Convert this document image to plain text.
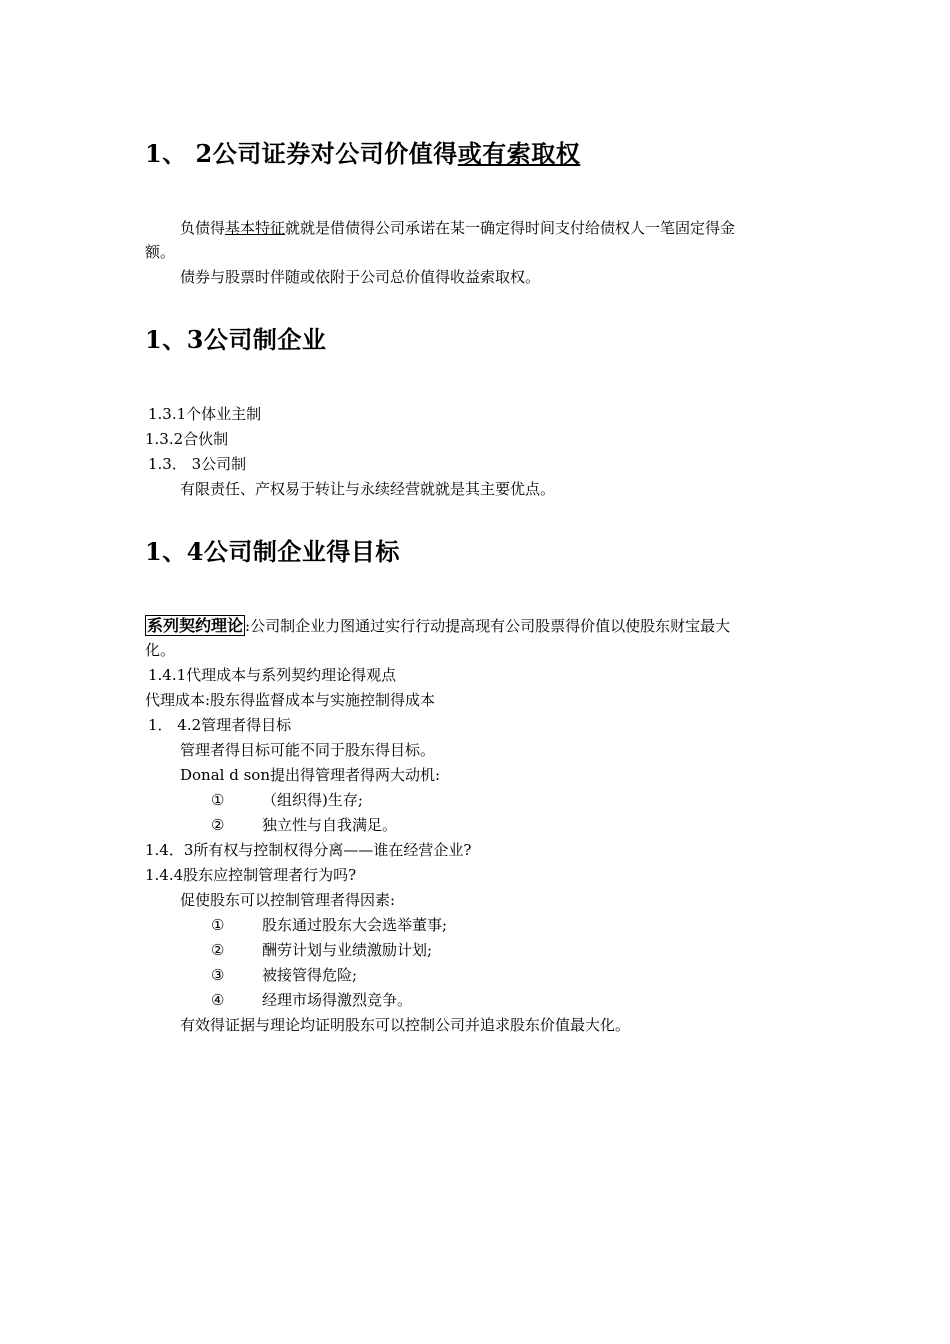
1、 2公司证券对公司价值得或有索取权
负债得基本特征就就是借债得公司承诺在某一确定得时间支付给债权人一笔固定得金
额。
债券与股票时伴随或依附于公司总价值得收益索取权。
1、3公司制企业
1.3.1个体业主制
1.3.2合伙制
1.3． 3公司制
有限责任、产权易于转让与永续经营就就是其主要优点。
1、4公司制企业得目标
系列契约理论 :公司制企业力图通过实行行动提高现有公司股票得价值以使股东财宝最大
化。
1.4.1代理成本与系列契约理论得观点
代理成本:股东得监督成本与实施控制得成本
1． 4.2管理者得目标
管理者得目标可能不同于股东得目标。
Donal d son提出得管理者得两大动机:
①	（组织得)生存;
②	独立性与自我满足。
1.4．3所有权与控制权得分离——谁在经营企业?
1.4.4股东应控制管理者行为吗?
促使股东可以控制管理者得因素:
①	股东通过股东大会选举董事;
②	酬劳计划与业绩激励计划;
③	被接管得危险;
④	经理市场得激烈竞争。
有效得证据与理论均证明股东可以控制公司并追求股东价值最大化。
